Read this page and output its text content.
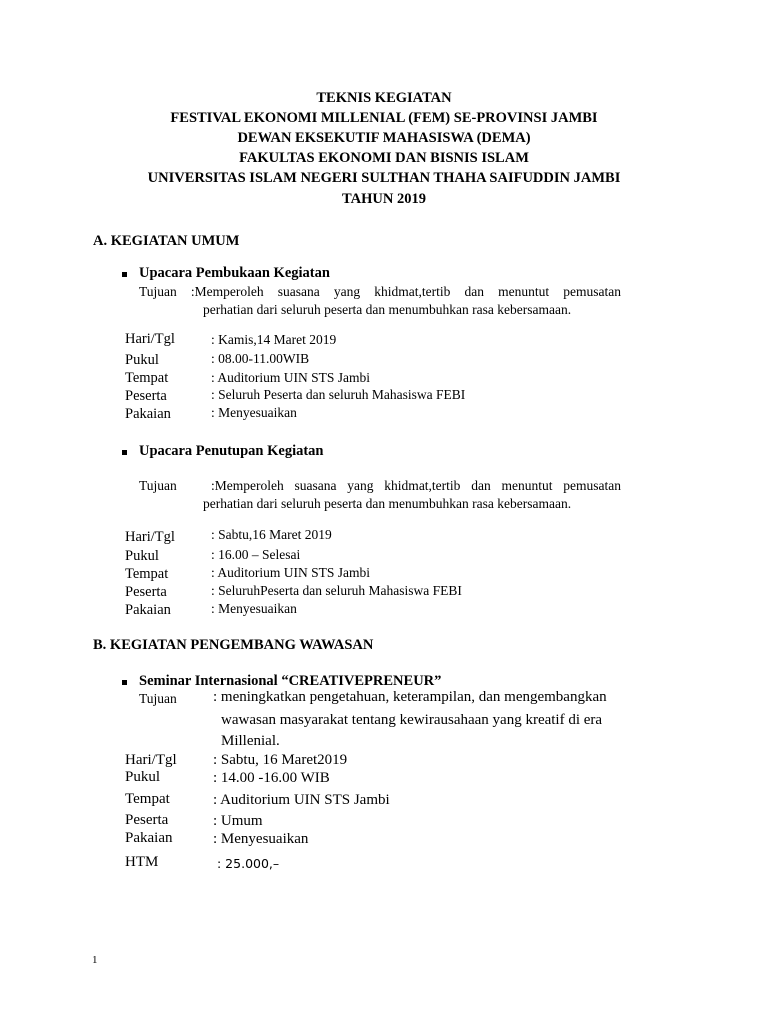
TEKNIS KEGIATAN
FESTIVAL EKONOMI MILLENIAL (FEM) SE-PROVINSI JAMBI
DEWAN EKSEKUTIF MAHASISWA (DEMA)
FAKULTAS EKONOMI DAN BISNIS ISLAM
UNIVERSITAS ISLAM NEGERI SULTHAN THAHA SAIFUDDIN JAMBI
TAHUN 2019
A. KEGIATAN UMUM
Upacara Pembukaan Kegiatan
Tujuan :Memperoleh suasana yang khidmat,tertib dan menuntut pemusatan
perhatian dari seluruh peserta dan menumbuhkan rasa kebersamaan.
Hari/Tgl	: Kamis,14 Maret 2019
Pukul	: 08.00-11.00WIB
Tempat	: Auditorium UIN STS Jambi
Peserta	: Seluruh Peserta dan seluruh Mahasiswa FEBI
Pakaian	: Menyesuaikan
Upacara Penutupan Kegiatan
Tujuan	:Memperoleh suasana yang khidmat,tertib dan menuntut pemusatan
perhatian dari seluruh peserta dan menumbuhkan rasa kebersamaan.
Hari/Tgl	: Sabtu,16 Maret 2019
Pukul	: 16.00 – Selesai
Tempat	: Auditorium UIN STS Jambi
Peserta	: SeluruhPeserta dan seluruh Mahasiswa FEBI
Pakaian	: Menyesuaikan
B. KEGIATAN PENGEMBANG WAWASAN
Seminar Internasional “CREATIVEPRENEUR”
Tujuan : meningkatkan pengetahuan, keterampilan, dan mengembangkan
wawasan masyarakat tentang kewirausahaan yang kreatif di era
Millenial.
Hari/Tgl : Sabtu, 16 Maret2019
Pukul	: 14.00 -16.00 WIB
Tempat	: Auditorium UIN STS Jambi
Peserta	: Umum
Pakaian	: Menyesuaikan
HTM	: 25.000,–
1
